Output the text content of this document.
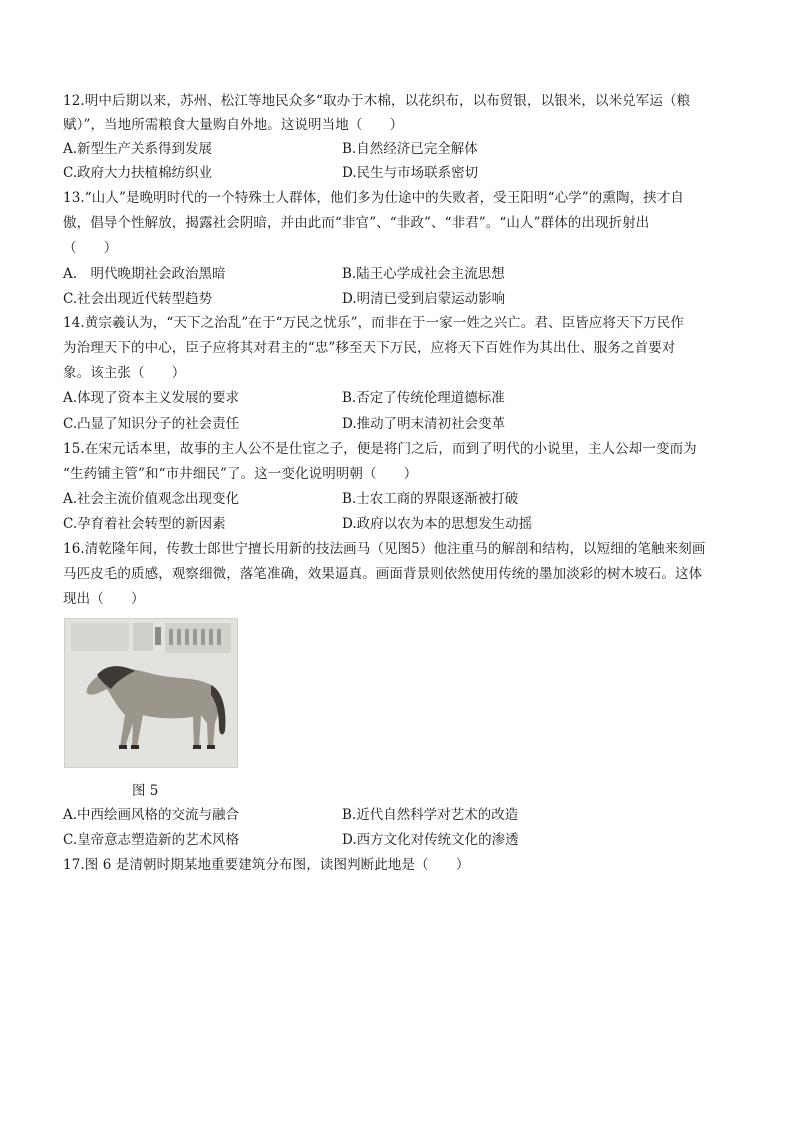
12.明中后期以来，苏州、松江等地民众多“取办于木棉，以花织布，以布贸银，以银米，以米兑军运（粮
赋）”，当地所需粮食大量购自外地。这说明当地（　　）
A.新型生产关系得到发展	B.自然经济已完全解体
C.政府大力扶植棉纺织业	D.民生与市场联系密切
13.“山人”是晚明时代的一个特殊士人群体，他们多为仕途中的失败者，受王阳明“心学”的熏陶，挟才自
傲，倡导个性解放，揭露社会阴暗，并由此而“非官”、“非政”、“非君”。“山人”群体的出现折射出
（　　）
A.　明代晚期社会政治黑暗	B.陆王心学成社会主流思想
C.社会出现近代转型趋势	D.明清已受到启蒙运动影响
14.黄宗羲认为，“天下之治乱”在于“万民之忧乐”，而非在于一家一姓之兴亡。君、臣皆应将天下万民作
为治理天下的中心，臣子应将其对君主的“忠”移至天下万民，应将天下百姓作为其出仕、服务之首要对
象。该主张（　　）
A.体现了资本主义发展的要求	B.否定了传统伦理道德标准
C.凸显了知识分子的社会责任	D.推动了明末清初社会变革
15.在宋元话本里，故事的主人公不是仕宦之子，便是将门之后，而到了明代的小说里，主人公却一变而为
“生药铺主管”和“市井细民”了。这一变化说明明朝（　　）
A.社会主流价值观念出现变化	B.士农工商的界限逐渐被打破
C.孕育着社会转型的新因素	D.政府以农为本的思想发生动摇
16.清乾隆年间，传教士郎世宁擅长用新的技法画马（见图5）他注重马的解剖和结构，以短细的笔触来刻画
马匹皮毛的质感，观察细微，落笔准确，效果逼真。画面背景则依然使用传统的墨加淡彩的树木坡石。这体
现出（　　）
图 5
A.中西绘画风格的交流与融合	B.近代自然科学对艺术的改造
C.皇帝意志塑造新的艺术风格	D.西方文化对传统文化的渗透
17.图 6 是清朝时期某地重要建筑分布图，读图判断此地是（　　）
